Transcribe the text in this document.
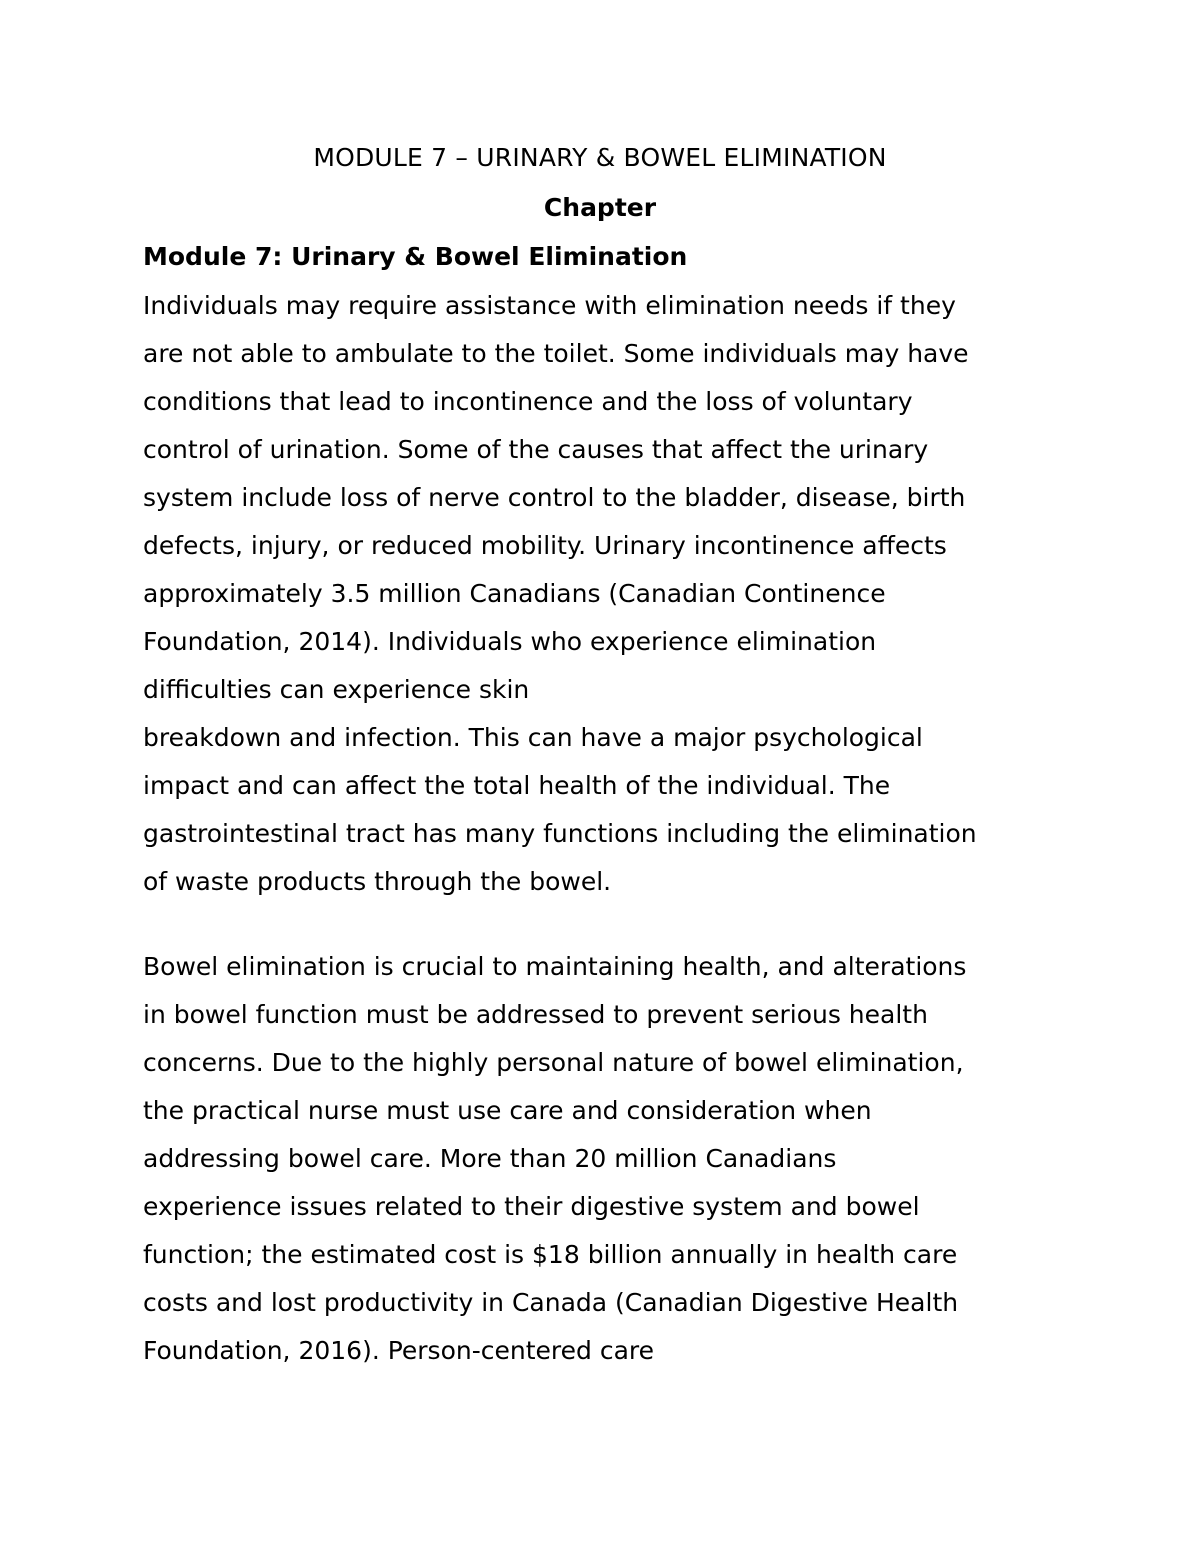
MODULE 7 – URINARY & BOWEL ELIMINATION
Chapter
Module 7: Urinary & Bowel Elimination
Individuals may require assistance with elimination needs if they
are not able to ambulate to the toilet. Some individuals may have
conditions that lead to incontinence and the loss of voluntary
control of urination. Some of the causes that affect the urinary
system include loss of nerve control to the bladder, disease, birth
defects, injury, or reduced mobility. Urinary incontinence affects
approximately 3.5 million Canadians (Canadian Continence
Foundation, 2014). Individuals who experience elimination
difficulties can experience skin
breakdown and infection. This can have a major psychological
impact and can affect the total health of the individual. The
gastrointestinal tract has many functions including the elimination
of waste products through the bowel.
Bowel elimination is crucial to maintaining health, and alterations
in bowel function must be addressed to prevent serious health
concerns. Due to the highly personal nature of bowel elimination,
the practical nurse must use care and consideration when
addressing bowel care. More than 20 million Canadians
experience issues related to their digestive system and bowel
function; the estimated cost is $18 billion annually in health care
costs and lost productivity in Canada (Canadian Digestive Health
Foundation, 2016). Person-centered care
